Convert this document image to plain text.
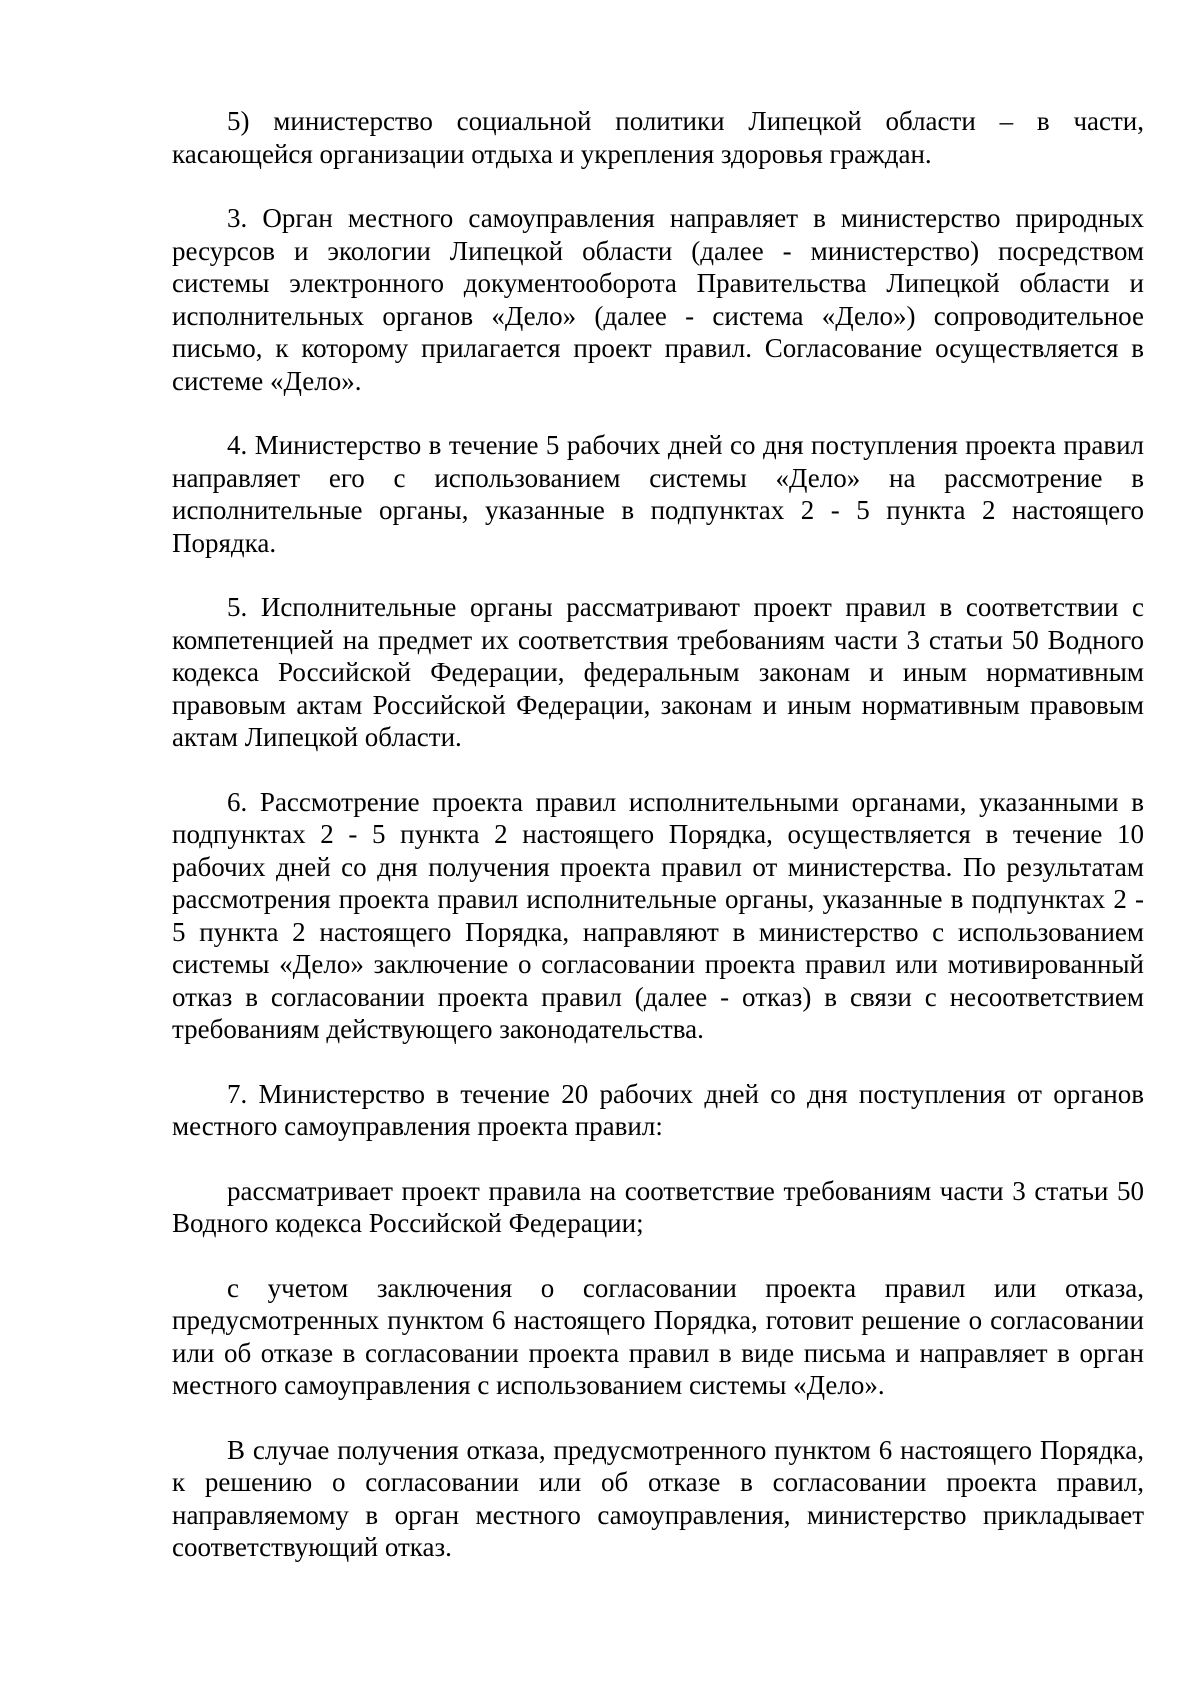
5) министерство социальной политики Липецкой области – в части, касающейся организации отдыха и укрепления здоровья граждан.

3. Орган местного самоуправления направляет в министерство природных ресурсов и экологии Липецкой области (далее - министерство) посредством системы электронного документооборота Правительства Липецкой области и исполнительных органов «Дело» (далее - система «Дело») сопроводительное письмо, к которому прилагается проект правил. Согласование осуществляется в системе «Дело».

4. Министерство в течение 5 рабочих дней со дня поступления проекта правил направляет его с использованием системы «Дело» на рассмотрение в исполнительные органы, указанные в подпунктах 2 - 5 пункта 2 настоящего Порядка.

5. Исполнительные органы рассматривают проект правил в соответствии с компетенцией на предмет их соответствия требованиям части 3 статьи 50 Водного кодекса Российской Федерации, федеральным законам и иным нормативным правовым актам Российской Федерации, законам и иным нормативным правовым актам Липецкой области.

6. Рассмотрение проекта правил исполнительными органами, указанными в подпунктах 2 - 5 пункта 2 настоящего Порядка, осуществляется в течение 10 рабочих дней со дня получения проекта правил от министерства. По результатам рассмотрения проекта правил исполнительные органы, указанные в подпунктах 2 - 5 пункта 2 настоящего Порядка, направляют в министерство с использованием системы «Дело» заключение о согласовании проекта правил или мотивированный отказ в согласовании проекта правил (далее - отказ) в связи с несоответствием требованиям действующего законодательства.

7. Министерство в течение 20 рабочих дней со дня поступления от органов местного самоуправления проекта правил:

рассматривает проект правила на соответствие требованиям части 3 статьи 50 Водного кодекса Российской Федерации;

с учетом заключения о согласовании проекта правил или отказа, предусмотренных пунктом 6 настоящего Порядка, готовит решение о согласовании или об отказе в согласовании проекта правил в виде письма и направляет в орган местного самоуправления с использованием системы «Дело».

В случае получения отказа, предусмотренного пунктом 6 настоящего Порядка, к решению о согласовании или об отказе в согласовании проекта правил, направляемому в орган местного самоуправления, министерство прикладывает соответствующий отказ.
